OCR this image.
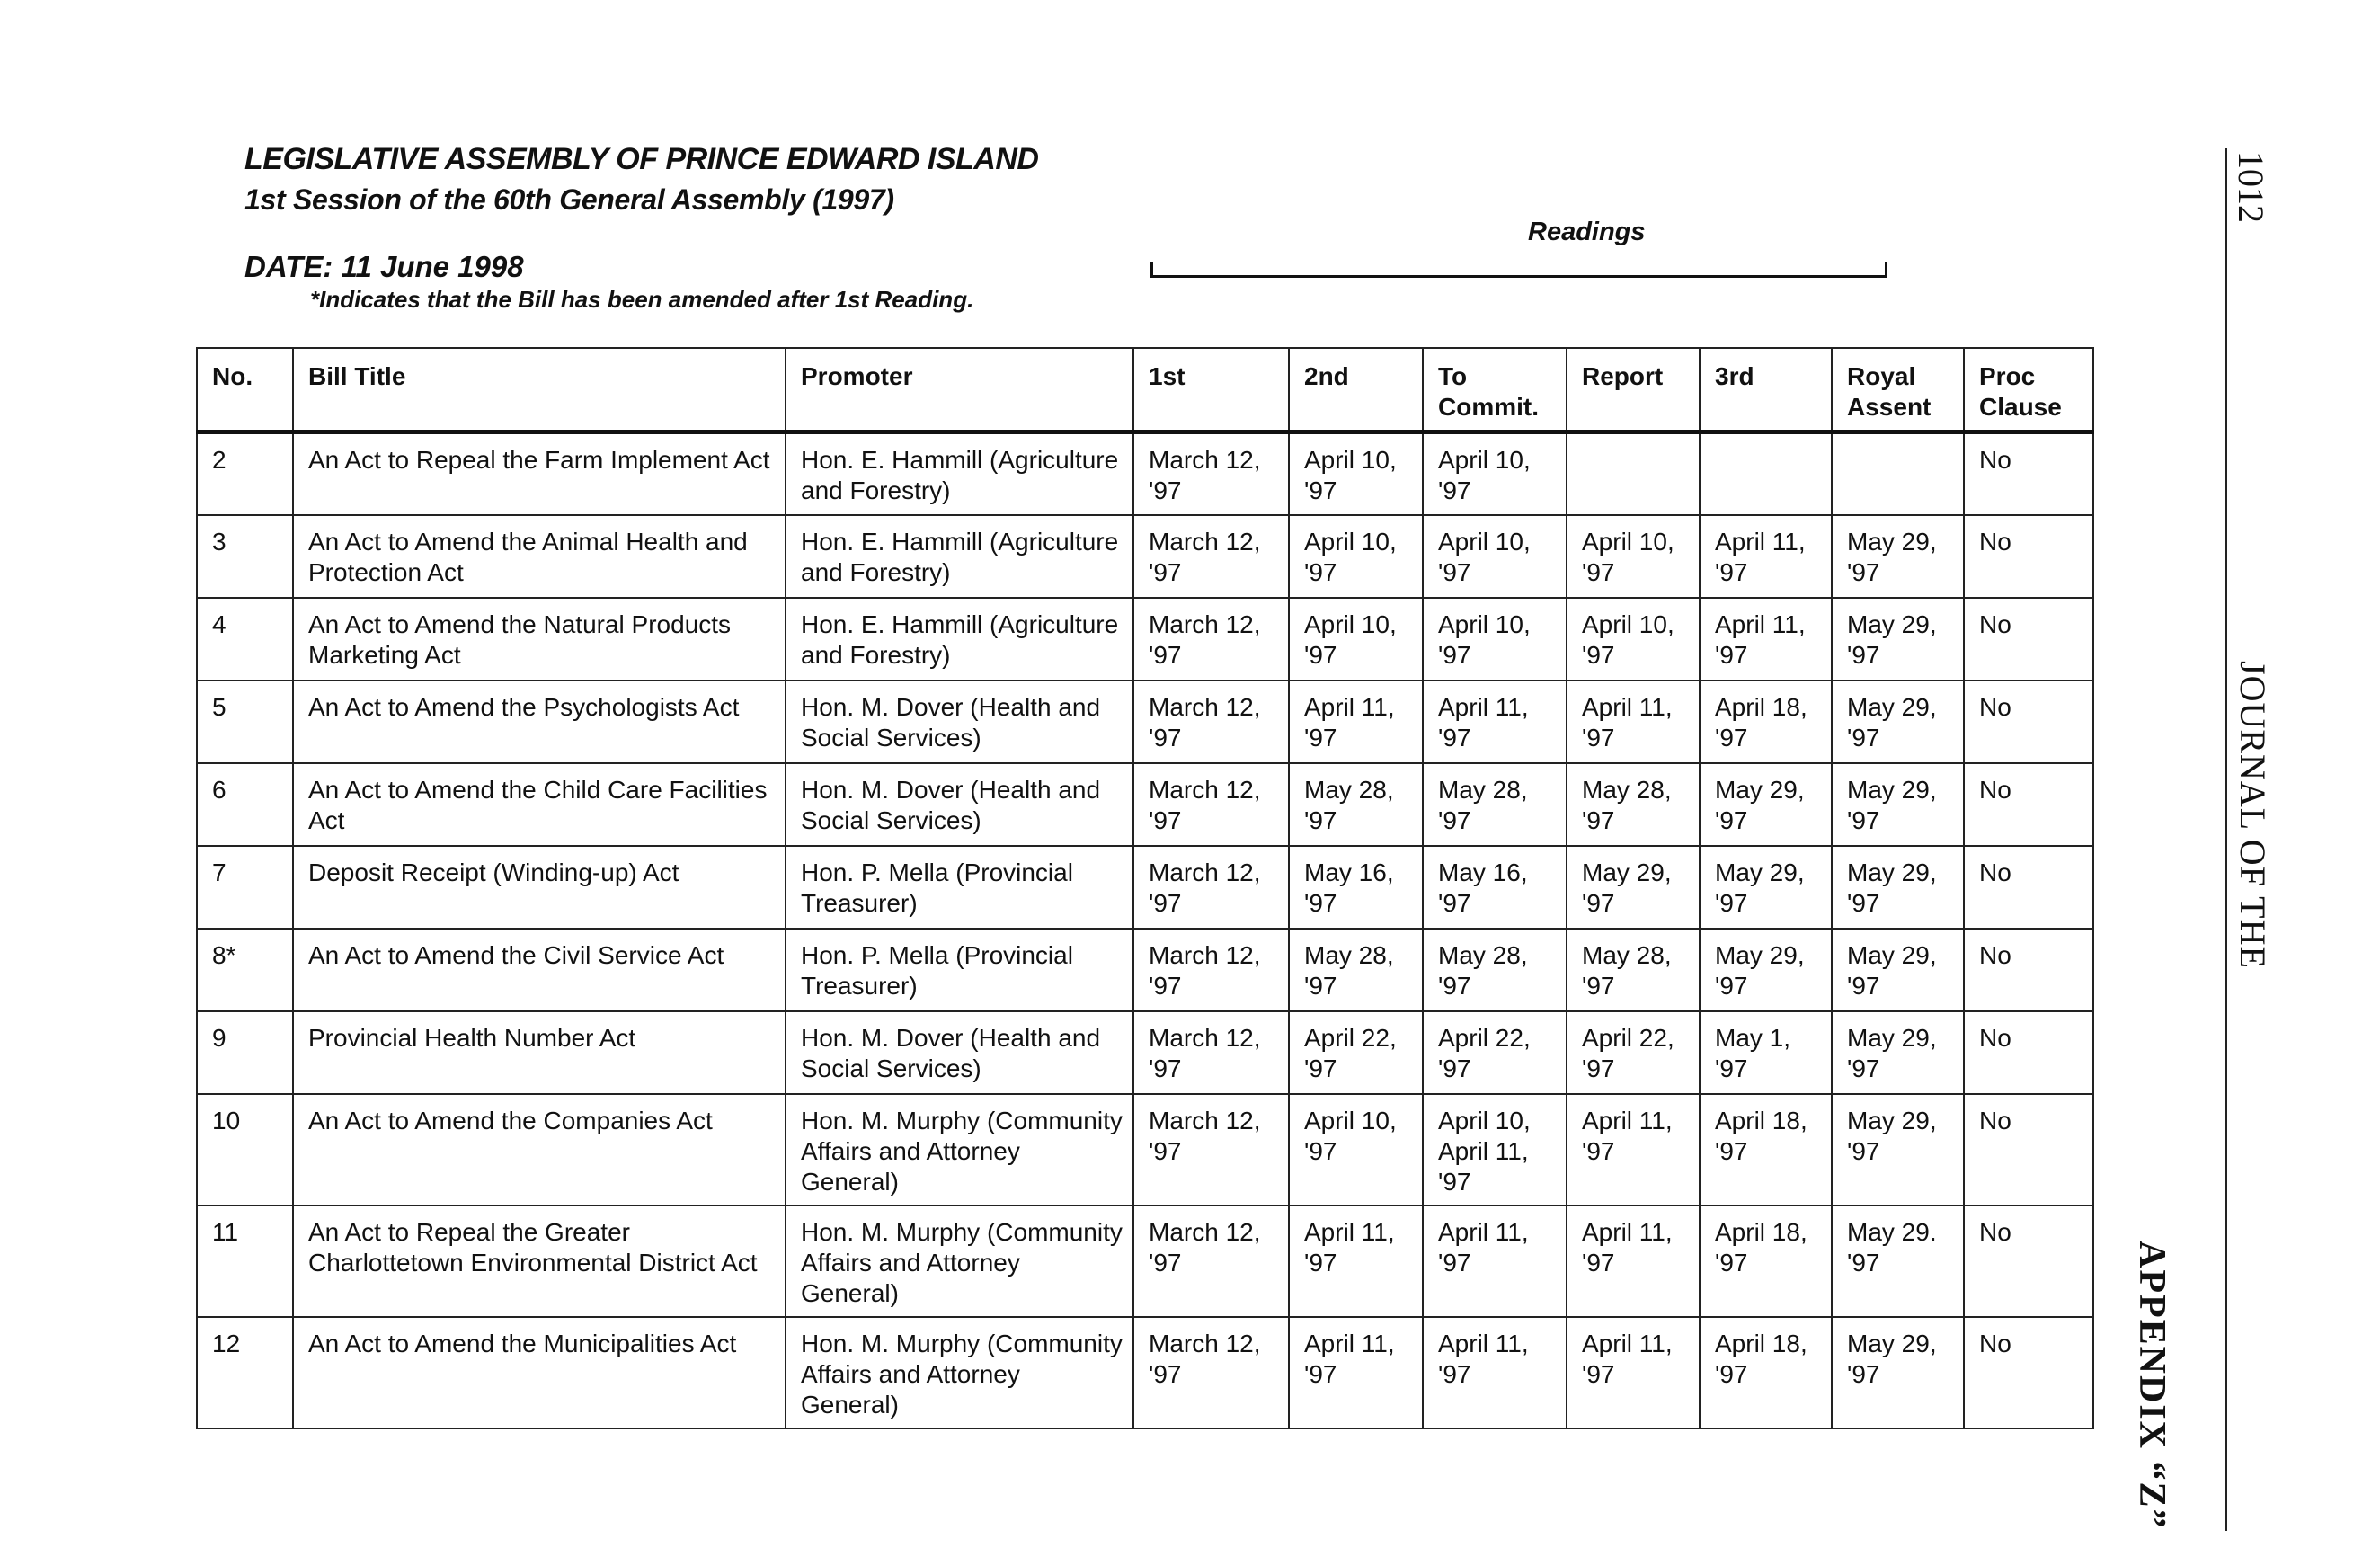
LEGISLATIVE ASSEMBLY OF PRINCE EDWARD ISLAND
1st Session of the 60th General Assembly (1997)
DATE: 11 June 1998
*Indicates that the Bill has been amended after 1st Reading.
Readings
No.	Bill Title	Promoter	1st	2nd	To Commit.	Report	3rd	Royal Assent	Proc Clause
2	An Act to Repeal the Farm Implement Act	Hon. E. Hammill (Agriculture and Forestry)	March 12, '97	April 10, '97	April 10, '97				No
3	An Act to Amend the Animal Health and Protection Act	Hon. E. Hammill (Agriculture and Forestry)	March 12, '97	April 10, '97	April 10, '97	April 10, '97	April 11, '97	May 29, '97	No
4	An Act to Amend the Natural Products Marketing Act	Hon. E. Hammill (Agriculture and Forestry)	March 12, '97	April 10, '97	April 10, '97	April 10, '97	April 11, '97	May 29, '97	No
5	An Act to Amend the Psychologists Act	Hon. M. Dover (Health and Social Services)	March 12, '97	April 11, '97	April 11, '97	April 11, '97	April 18, '97	May 29, '97	No
6	An Act to Amend the Child Care Facilities Act	Hon. M. Dover (Health and Social Services)	March 12, '97	May 28, '97	May 28, '97	May 28, '97	May 29, '97	May 29, '97	No
7	Deposit Receipt (Winding-up) Act	Hon. P. Mella (Provincial Treasurer)	March 12, '97	May 16, '97	May 16, '97	May 29, '97	May 29, '97	May 29, '97	No
8*	An Act to Amend the Civil Service Act	Hon. P. Mella (Provincial Treasurer)	March 12, '97	May 28, '97	May 28, '97	May 28, '97	May 29, '97	May 29, '97	No
9	Provincial Health Number Act	Hon. M. Dover (Health and Social Services)	March 12, '97	April 22, '97	April 22, '97	April 22, '97	May 1, '97	May 29, '97	No
10	An Act to Amend the Companies Act	Hon. M. Murphy (Community Affairs and Attorney General)	March 12, '97	April 10, '97	April 10, April 11, '97	April 11, '97	April 18, '97	May 29, '97	No
11	An Act to Repeal the Greater Charlottetown Environmental District Act	Hon. M. Murphy (Community Affairs and Attorney General)	March 12, '97	April 11, '97	April 11, '97	April 11, '97	April 18, '97	May 29. '97	No
12	An Act to Amend the Municipalities Act	Hon. M. Murphy (Community Affairs and Attorney General)	March 12, '97	April 11, '97	April 11, '97	April 11, '97	April 18, '97	May 29, '97	No
1012
JOURNAL OF THE
APPENDIX “Z”
